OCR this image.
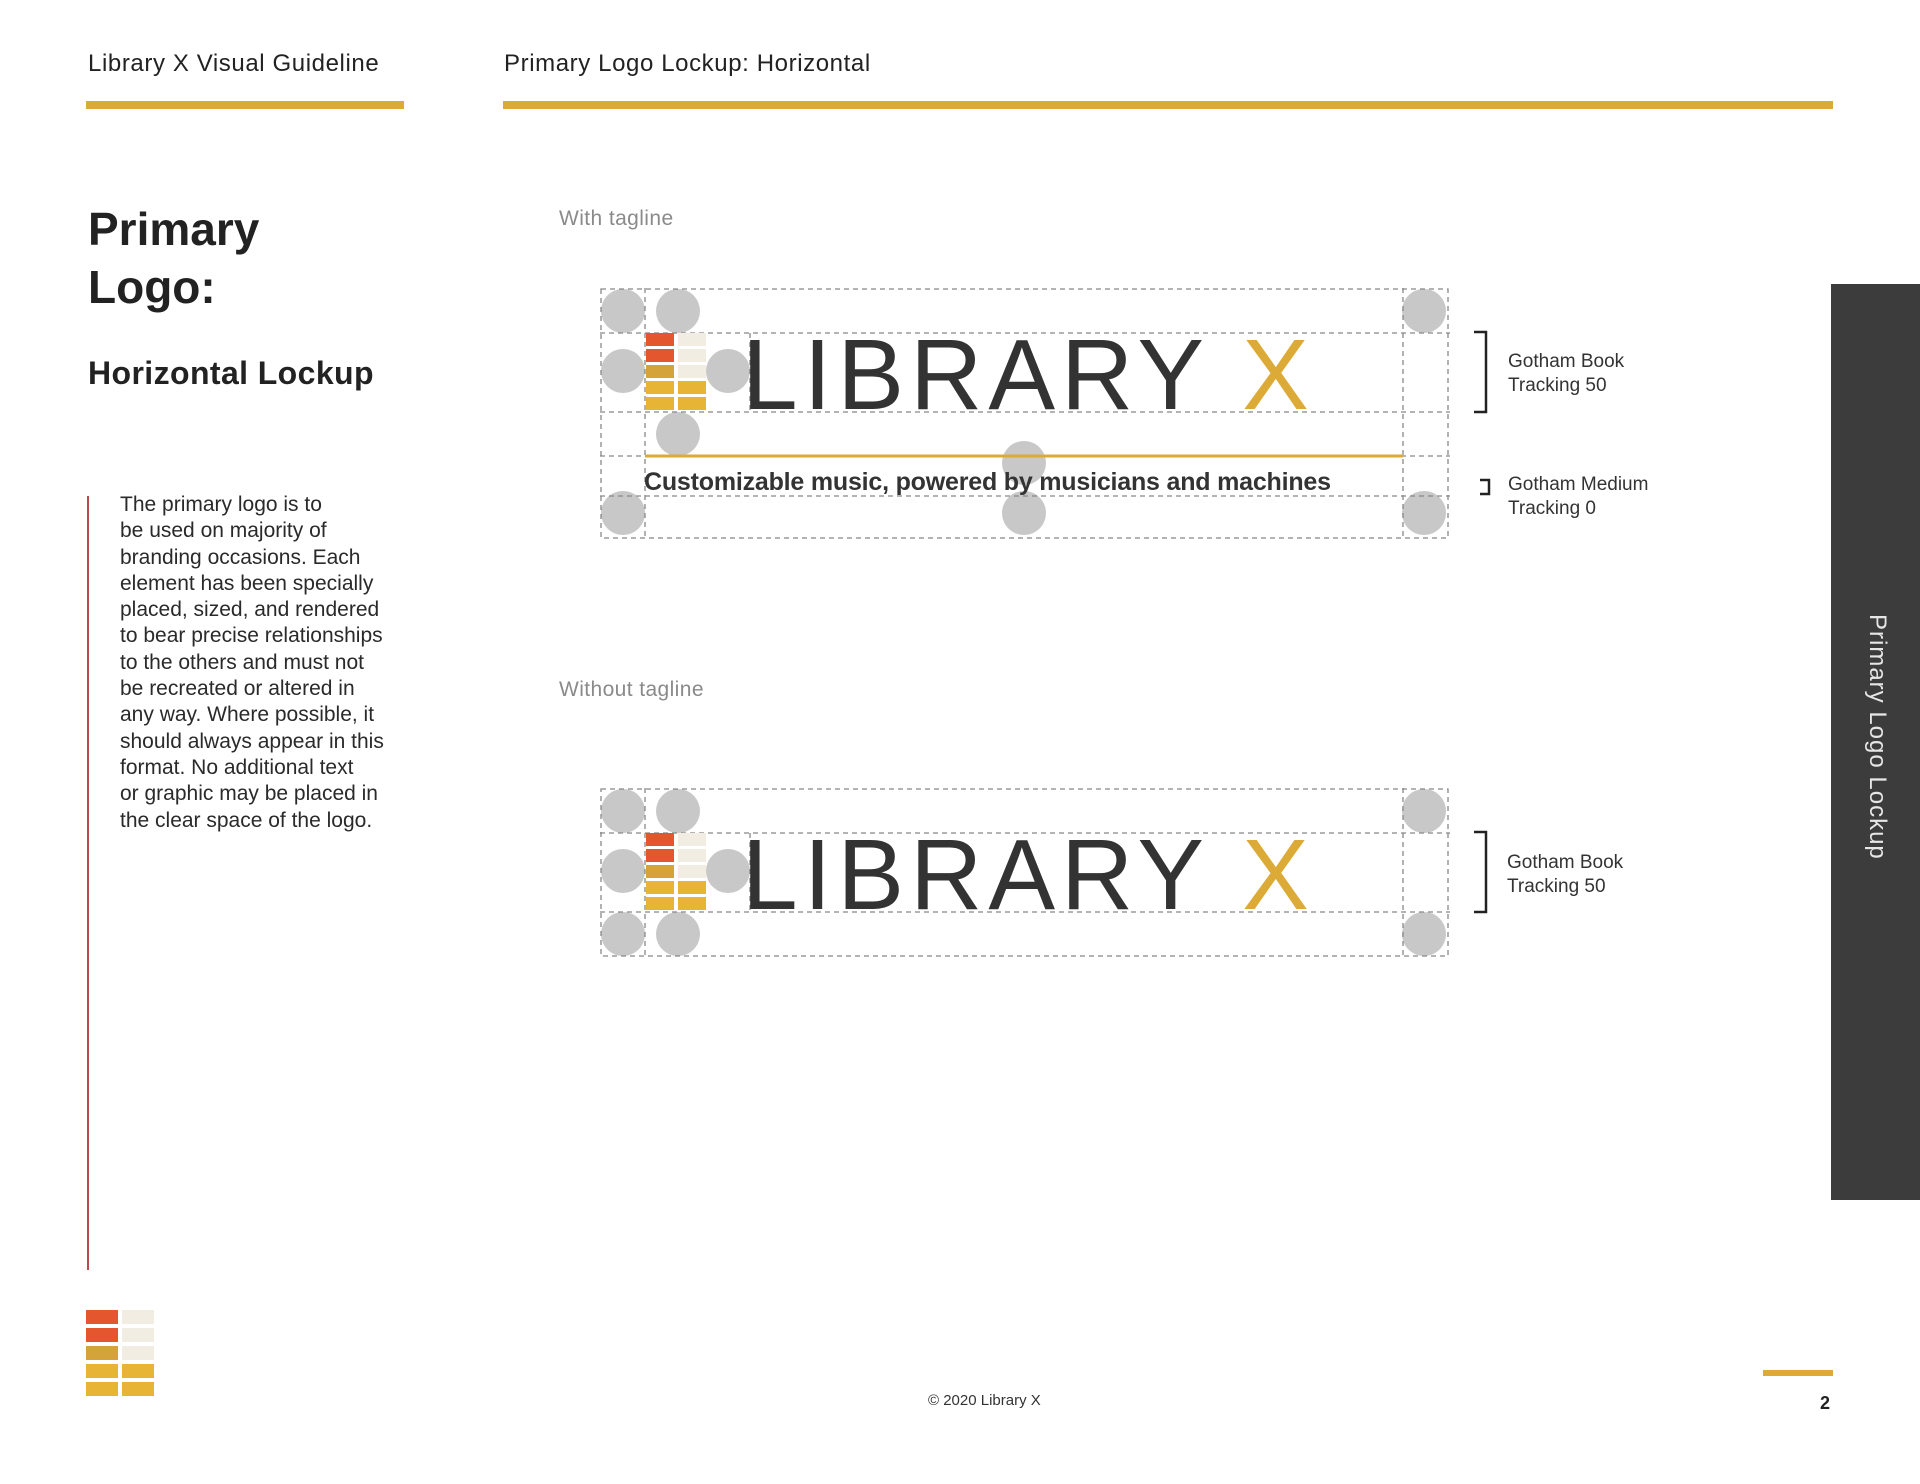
Library X Visual Guideline	Primary Logo Lockup: Horizontal
Primary
Logo:
Horizontal Lockup
The primary logo is to
be used on majority of
branding occasions. Each
element has been specially
placed, sized, and rendered
to bear precise relationships
to the others and must not
be recreated or altered in
any way. Where possible, it
should always appear in this
format. No additional text
or graphic may be placed in
the clear space of the logo.
With tagline
Without tagline
LIBRARY X
Customizable music, powered by musicians and machines
Gotham Book
Tracking 50
Gotham Medium
Tracking 0
LIBRARY X	Gotham Book
Tracking 50
Primary Logo Lockup
© 2020 Library X	2
